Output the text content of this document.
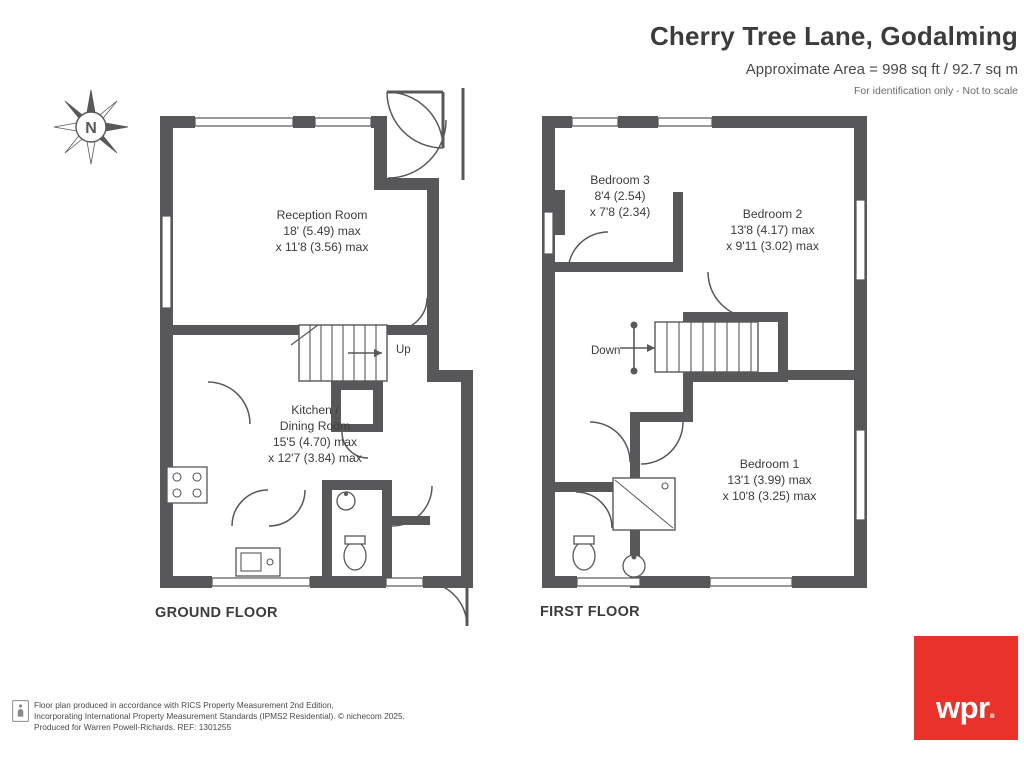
Cherry Tree Lane, Godalming
Approximate Area = 998 sq ft / 92.7 sq m
For identification only - Not to scale
N
Reception Room
18' (5.49) max
x 11'8 (3.56) max
Kitchen /
Dining Room
15'5 (4.70) max
x 12'7 (3.84) max
Bedroom 3
8'4 (2.54)
x 7'8 (2.34)	Bedroom 2
13'8 (4.17) max
x 9'11 (3.02) max
Bedroom 1
13'1 (3.99) max
x 10'8 (3.25) max
Up	Down
GROUND FLOOR	FIRST FLOOR
Floor plan produced in accordance with RICS Property Measurement 2nd Edition,
Incorporating International Property Measurement Standards (IPMS2 Residential). © nichecom 2025.
Produced for Warren Powell-Richards. REF: 1301255
wpr.
